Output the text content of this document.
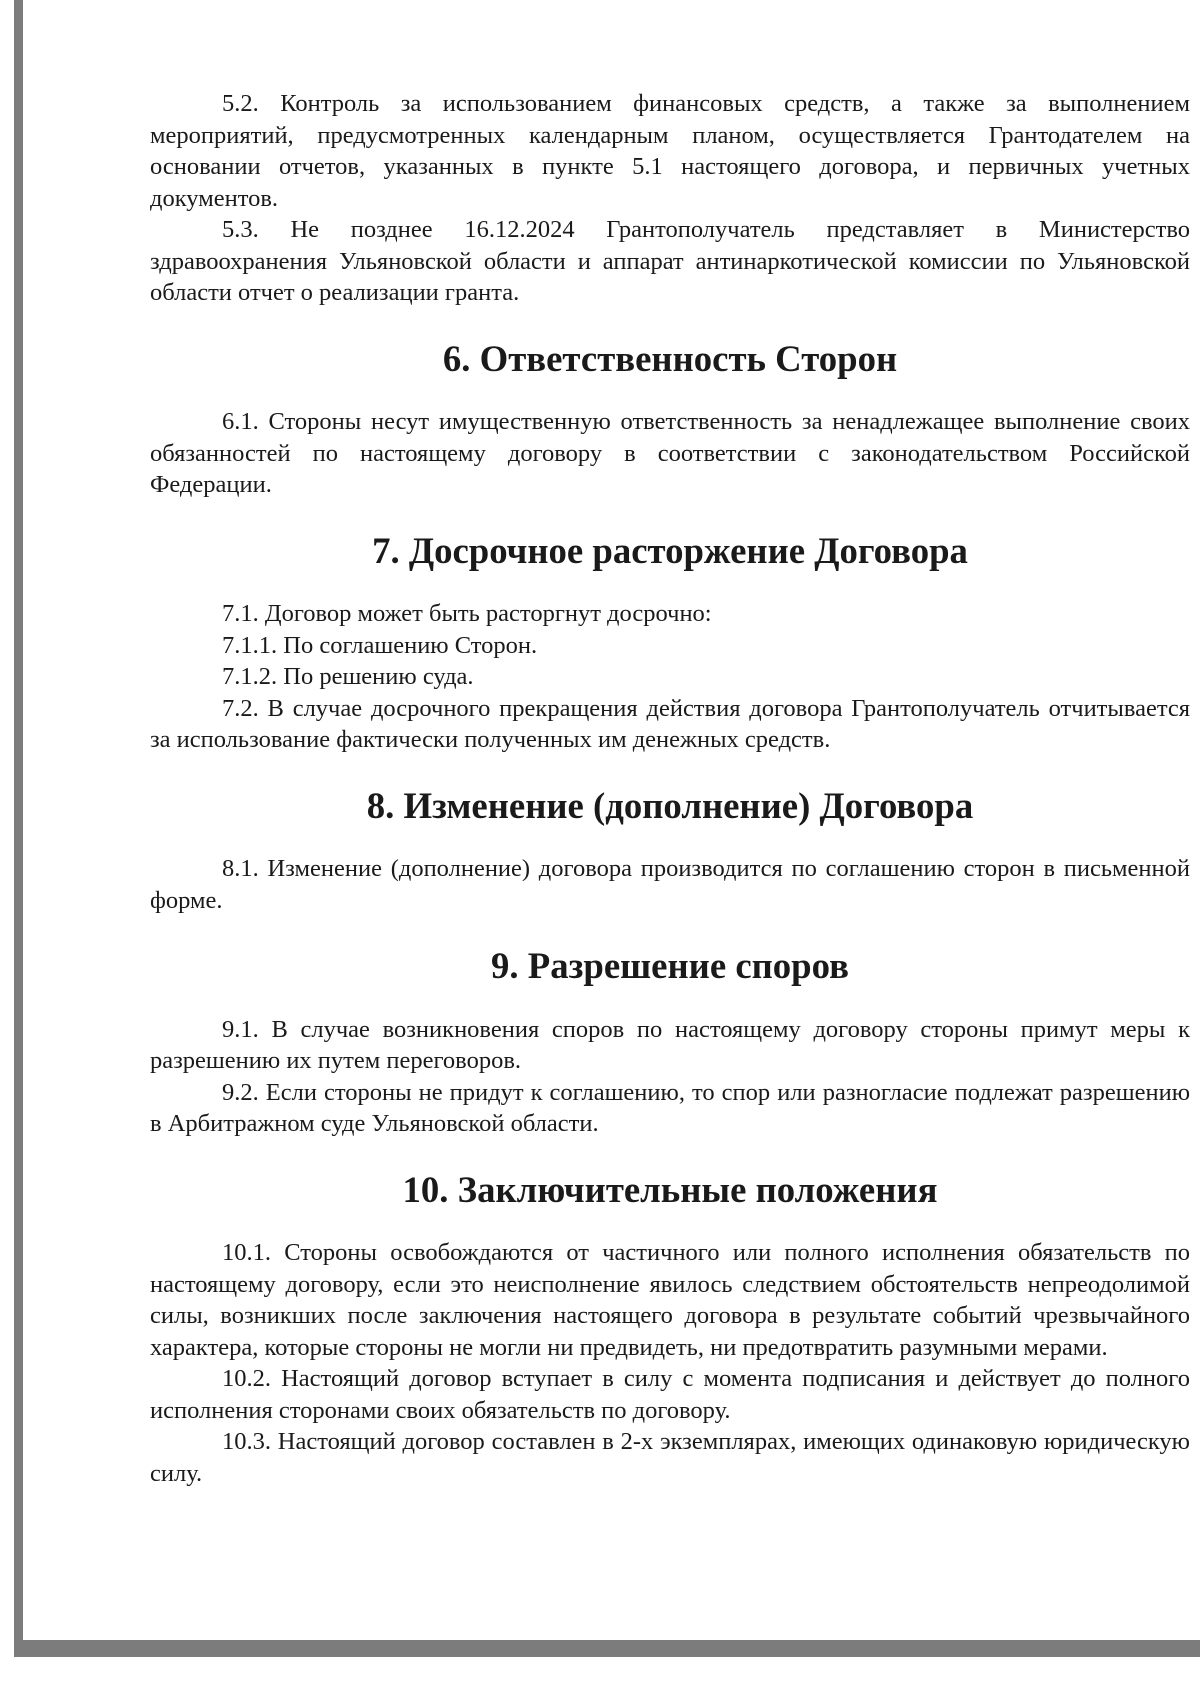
5.2. Контроль за использованием финансовых средств, а также за выполнением мероприятий, предусмотренных календарным планом, осуществляется Грантодателем на основании отчетов, указанных в пункте 5.1 настоящего договора, и первичных учетных документов.

5.3. Не позднее 16.12.2024 Грантополучатель представляет в Министерство здравоохранения Ульяновской области и аппарат антинаркотической комиссии по Ульяновской области отчет о реализации гранта.

6. Ответственность Сторон

6.1. Стороны несут имущественную ответственность за ненадлежащее выполнение своих обязанностей по настоящему договору в соответствии с законодательством Российской Федерации.

7. Досрочное расторжение Договора

7.1. Договор может быть расторгнут досрочно:

7.1.1. По соглашению Сторон.

7.1.2. По решению суда.

7.2. В случае досрочного прекращения действия договора Грантополучатель отчитывается за использование фактически полученных им денежных средств.

8. Изменение (дополнение) Договора

8.1. Изменение (дополнение) договора производится по соглашению сторон в письменной форме.

9. Разрешение споров

9.1. В случае возникновения споров по настоящему договору стороны примут меры к разрешению их путем переговоров.

9.2. Если стороны не придут к соглашению, то спор или разногласие подлежат разрешению в Арбитражном суде Ульяновской области.

10. Заключительные положения

10.1. Стороны освобождаются от частичного или полного исполнения обязательств по настоящему договору, если это неисполнение явилось следствием обстоятельств непреодолимой силы, возникших после заключения настоящего договора в результате событий чрезвычайного характера, которые стороны не могли ни предвидеть, ни предотвратить разумными мерами.

10.2. Настоящий договор вступает в силу с момента подписания и действует до полного исполнения сторонами своих обязательств по договору.

10.3. Настоящий договор составлен в 2-х экземплярах, имеющих одинаковую юридическую силу.
